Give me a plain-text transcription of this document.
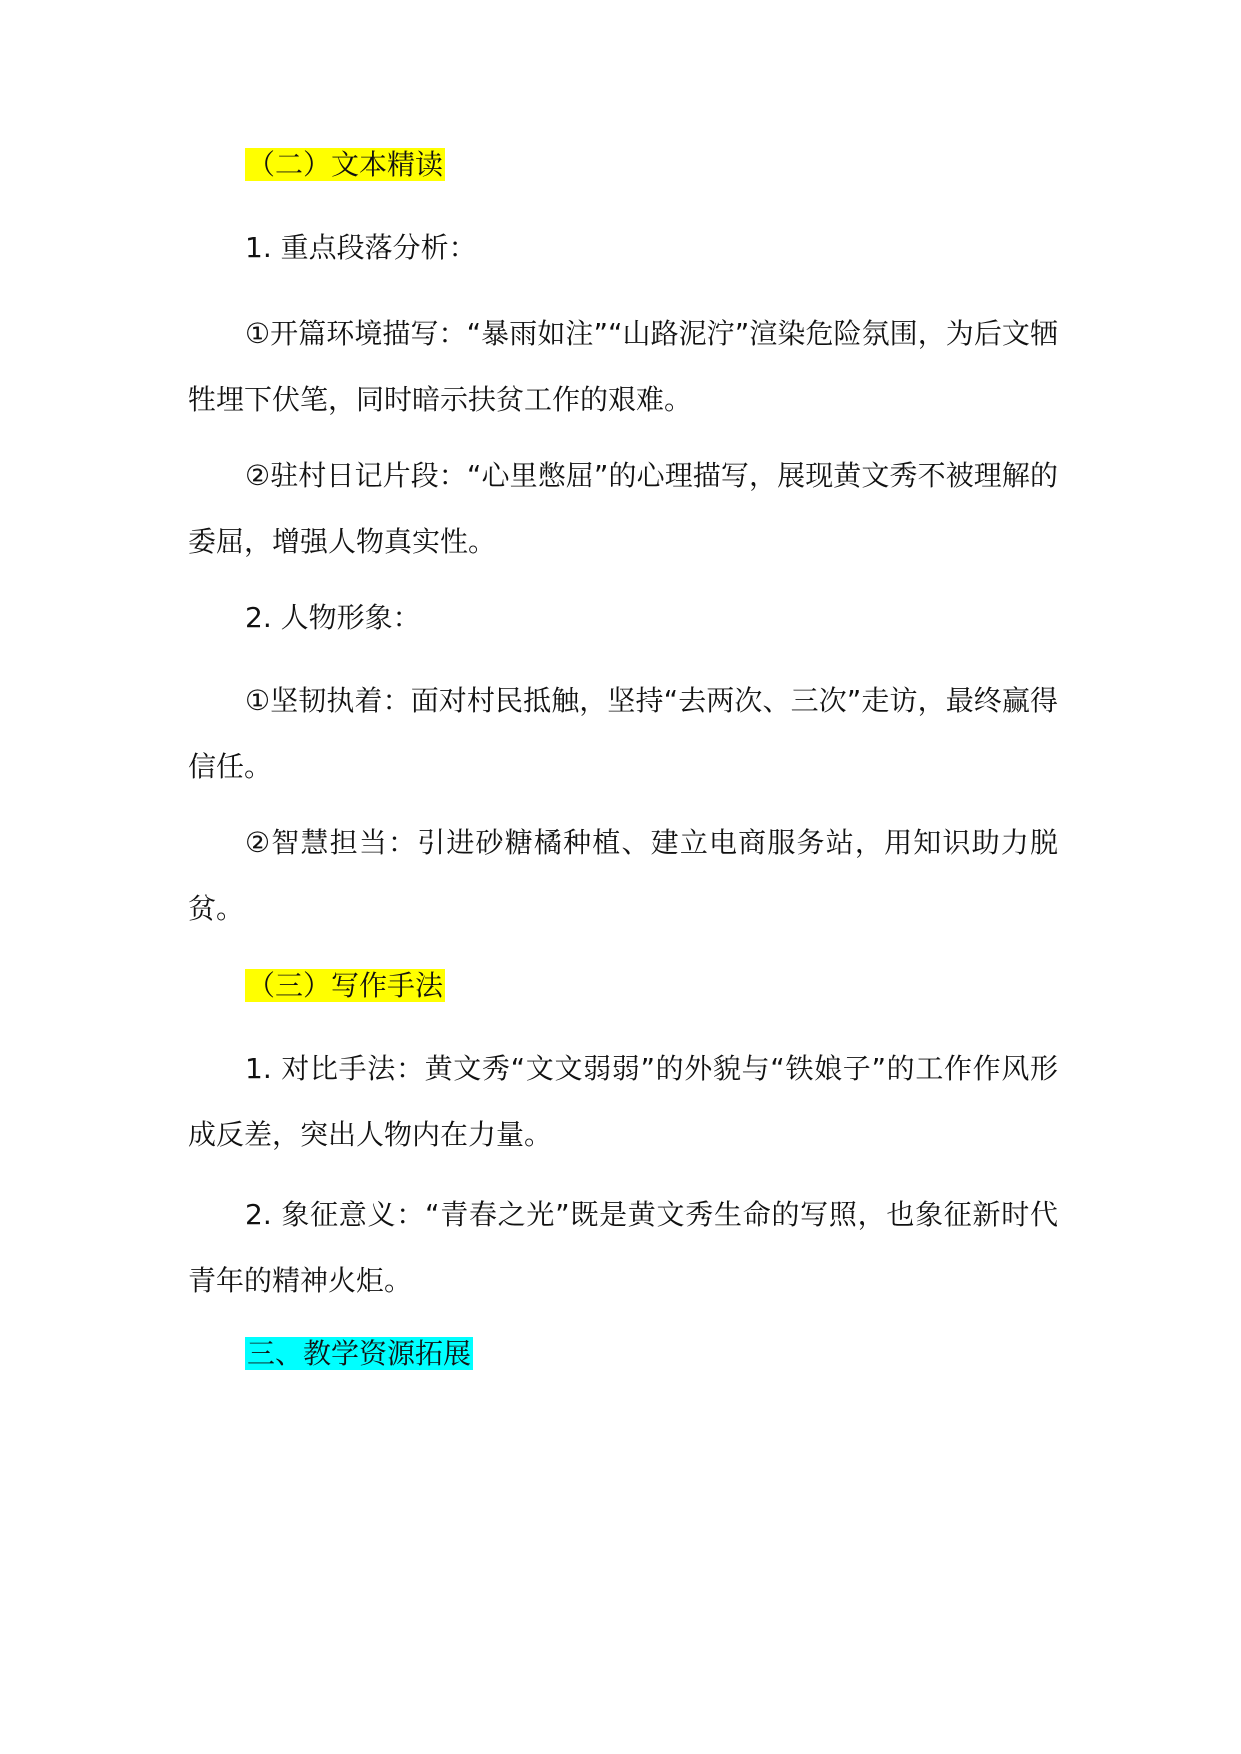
（二）文本精读
1. 重点段落分析：
①开篇环境描写：“暴雨如注”“山路泥泞”渲染危险氛围，为后文牺牲埋下伏笔，同时暗示扶贫工作的艰难。
②驻村日记片段：“心里憋屈”的心理描写，展现黄文秀不被理解的委屈，增强人物真实性。
2. 人物形象：
①坚韧执着：面对村民抵触，坚持“去两次、三次”走访，最终赢得信任。
②智慧担当：引进砂糖橘种植、建立电商服务站，用知识助力脱贫。
（三）写作手法
1. 对比手法：黄文秀“文文弱弱”的外貌与“铁娘子”的工作作风形成反差，突出人物内在力量。
2. 象征意义：“青春之光”既是黄文秀生命的写照，也象征新时代青年的精神火炬。
三、教学资源拓展
